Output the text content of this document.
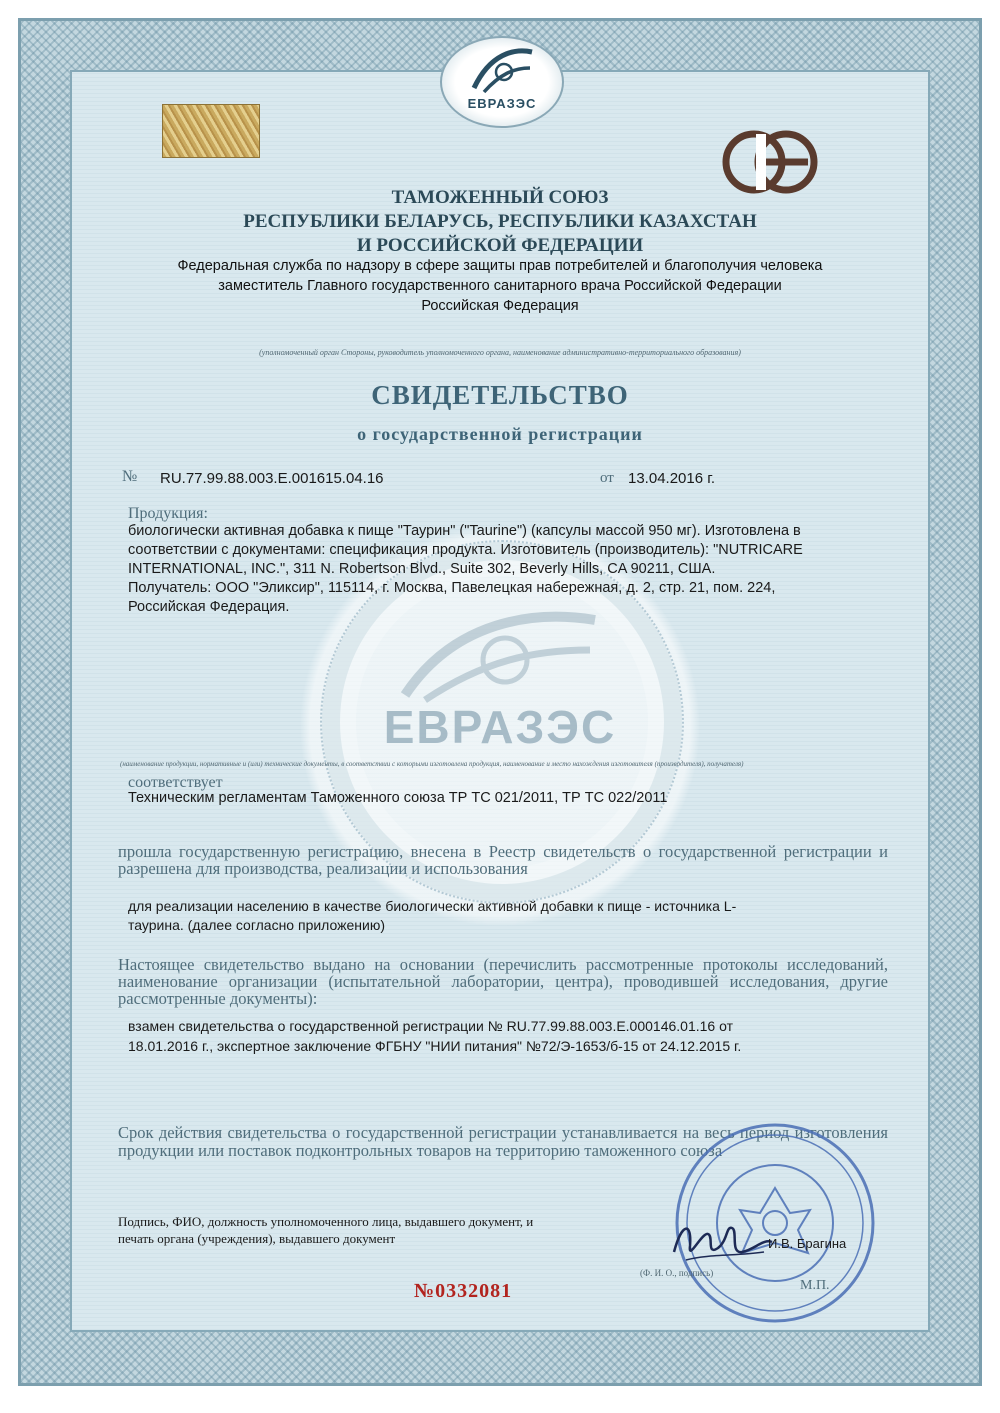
ЕВРАЗЭС
ЕВРАЗЭС
ТАМОЖЕННЫЙ СОЮЗ
РЕСПУБЛИКИ БЕЛАРУСЬ, РЕСПУБЛИКИ КАЗАХСТАН
И РОССИЙСКОЙ ФЕДЕРАЦИИ
Федеральная служба по надзору в сфере защиты прав потребителей и благополучия человека
заместитель Главного государственного санитарного врача Российской Федерации
Российская Федерация
(уполномоченный орган Стороны, руководитель уполномоченного органа, наименование административно-территориального образования)
СВИДЕТЕЛЬСТВО
о государственной регистрации
№ RU.77.99.88.003.Е.001615.04.16	от 13.04.2016 г.
Продукция:
биологически активная добавка к пище "Таурин" ("Taurine") (капсулы массой 950 мг). Изготовлена в
соответствии с документами: спецификация продукта. Изготовитель (производитель): "NUTRICARE
INTERNATIONAL, INC.", 311 N. Robertson Blvd., Suite 302, Beverly Hills, CA 90211, США.
Получатель: ООО "Эликсир", 115114, г. Москва, Павелецкая набережная, д. 2, стр. 21, пом. 224,
Российская Федерация.
(наименование продукции, нормативные и (или) технические документы, в соответствии с которыми изготовлена продукция, наименование и место нахождения изготовителя (производителя), получателя)
соответствует
Техническим регламентам Таможенного союза ТР ТС 021/2011, ТР ТС 022/2011
прошла государственную регистрацию, внесена в Реестр свидетельств о государственной регистрации и разрешена для производства, реализации и использования
для реализации населению в качестве биологически активной добавки к пище - источника L-
таурина. (далее согласно приложению)
Настоящее свидетельство выдано на основании (перечислить рассмотренные протоколы исследований, наименование организации (испытательной лаборатории, центра), проводившей исследования, другие рассмотренные документы):
взамен свидетельства о государственной регистрации № RU.77.99.88.003.Е.000146.01.16 от
18.01.2016 г., экспертное заключение ФГБНУ "НИИ питания" №72/Э-1653/б-15 от 24.12.2015 г.
Срок действия свидетельства о государственной регистрации устанавливается на весь период изготовления продукции или поставок подконтрольных товаров на территорию таможенного союза
Подпись, ФИО, должность уполномоченного лица, выдавшего документ, и печать органа (учреждения), выдавшего документ	И.В. Брагина
(Ф. И. О., подпись)
М.П.
№0332081
